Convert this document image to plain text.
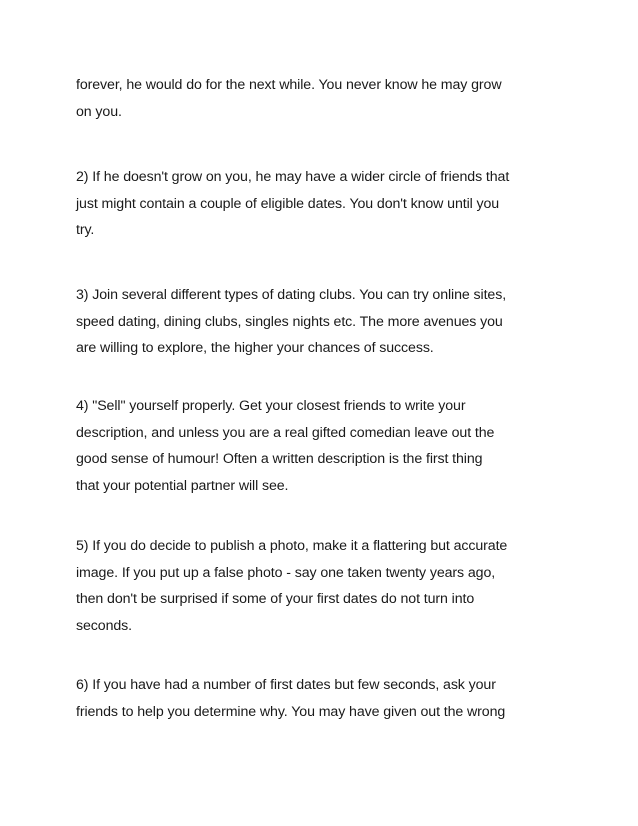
forever, he would do for the next while. You never know he may grow
on you.

2) If he doesn't grow on you, he may have a wider circle of friends that
just might contain a couple of eligible dates. You don't know until you
try.

3) Join several different types of dating clubs. You can try online sites,
speed dating, dining clubs, singles nights etc. The more avenues you
are willing to explore, the higher your chances of success.

4) "Sell" yourself properly. Get your closest friends to write your
description, and unless you are a real gifted comedian leave out the
good sense of humour! Often a written description is the first thing
that your potential partner will see.

5) If you do decide to publish a photo, make it a flattering but accurate
image. If you put up a false photo - say one taken twenty years ago,
then don't be surprised if some of your first dates do not turn into
seconds.

6) If you have had a number of first dates but few seconds, ask your
friends to help you determine why. You may have given out the wrong
